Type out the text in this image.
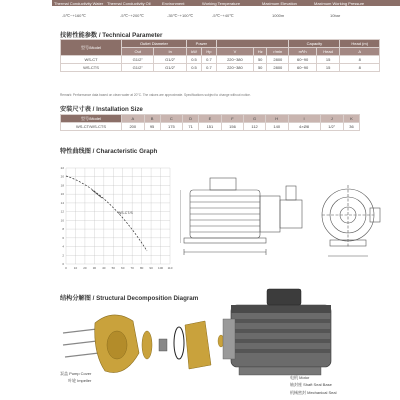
Thermal Conductivity Water Thermal Conductivity Oil	Environment	Working Temperature	Maximum Elevation	Maximum Working Pressure
-5℃~+160℃	-5℃~+200℃	-35℃~+100℃	-5℃~+40℃	1000m	10bar
技術性能参数 / Technical Parameter
型号/Model	Outlet Diameter		Power					Capacity		Head (m)
	Out	In	kW	Hp	V	Hz	r/min	m³/h	Head	A
WS-CT	G1/2"	G1/2"	0.5	0.7	220~380	50	2800	60~90	15	8
WS-CTS	G1/2"	G1/2"	0.5	0.7	220~380	50	2800	60~90	15	8
Remark: Performance data based on clean water at 20°C. The values are approximate. Specifications subject to change without notice.
安装尺寸表 / Installation Size
型号/Model	A	B	C	D	E	F	G	H	I	J	K
WS-CT/WS-CTS	200	95	175	71	151	156	112	140	4×Ø8	1/2"	36
特性曲线图 / Characteristic Graph
0 10 20 30 40 50 60 70 80 90 100 110
0
2
4
6
8
10
12
14
16
18
20
22
WS-CT/S
结构分解图 / Structural Decomposition Diagram
泵盖 Pump Cover
叶轮 Impeller
电机 Motor
轴封座 Shaft Seal Base
机械密封 Mechanical Seal
